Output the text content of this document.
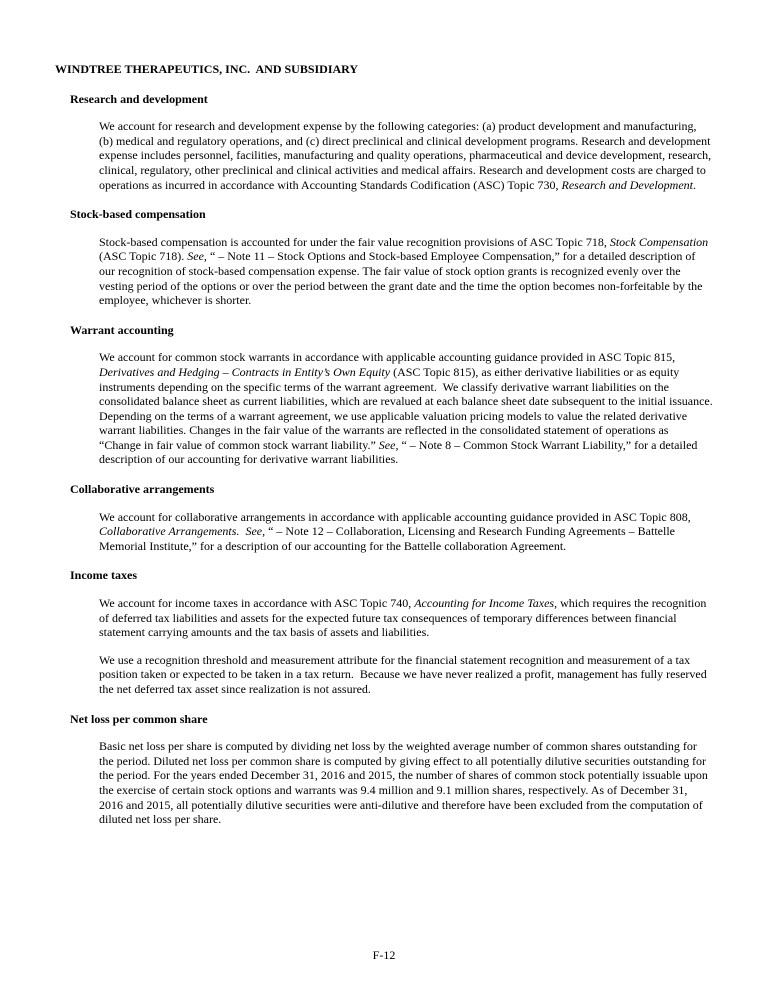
WINDTREE THERAPEUTICS, INC.  AND SUBSIDIARY
Research and development

We account for research and development expense by the following categories: (a) product development and manufacturing, (b) medical and regulatory operations, and (c) direct preclinical and clinical development programs. Research and development expense includes personnel, facilities, manufacturing and quality operations, pharmaceutical and device development, research, clinical, regulatory, other preclinical and clinical activities and medical affairs. Research and development costs are charged to operations as incurred in accordance with Accounting Standards Codification (ASC) Topic 730, Research and Development.

Stock-based compensation

Stock-based compensation is accounted for under the fair value recognition provisions of ASC Topic 718, Stock Compensation (ASC Topic 718). See, “ – Note 11 – Stock Options and Stock-based Employee Compensation,” for a detailed description of our recognition of stock-based compensation expense. The fair value of stock option grants is recognized evenly over the vesting period of the options or over the period between the grant date and the time the option becomes non-forfeitable by the employee, whichever is shorter.

Warrant accounting

We account for common stock warrants in accordance with applicable accounting guidance provided in ASC Topic 815, Derivatives and Hedging – Contracts in Entity’s Own Equity (ASC Topic 815), as either derivative liabilities or as equity instruments depending on the specific terms of the warrant agreement.  We classify derivative warrant liabilities on the consolidated balance sheet as current liabilities, which are revalued at each balance sheet date subsequent to the initial issuance.  Depending on the terms of a warrant agreement, we use applicable valuation pricing models to value the related derivative warrant liabilities. Changes in the fair value of the warrants are reflected in the consolidated statement of operations as “Change in fair value of common stock warrant liability.” See, “ – Note 8 – Common Stock Warrant Liability,” for a detailed description of our accounting for derivative warrant liabilities.

Collaborative arrangements

We account for collaborative arrangements in accordance with applicable accounting guidance provided in ASC Topic 808, Collaborative Arrangements.  See, “ – Note 12 – Collaboration, Licensing and Research Funding Agreements – Battelle Memorial Institute,” for a description of our accounting for the Battelle collaboration Agreement.

Income taxes

We account for income taxes in accordance with ASC Topic 740, Accounting for Income Taxes, which requires the recognition of deferred tax liabilities and assets for the expected future tax consequences of temporary differences between financial statement carrying amounts and the tax basis of assets and liabilities.

We use a recognition threshold and measurement attribute for the financial statement recognition and measurement of a tax position taken or expected to be taken in a tax return.  Because we have never realized a profit, management has fully reserved the net deferred tax asset since realization is not assured.

Net loss per common share

Basic net loss per share is computed by dividing net loss by the weighted average number of common shares outstanding for the period. Diluted net loss per common share is computed by giving effect to all potentially dilutive securities outstanding for the period. For the years ended December 31, 2016 and 2015, the number of shares of common stock potentially issuable upon the exercise of certain stock options and warrants was 9.4 million and 9.1 million shares, respectively. As of December 31, 2016 and 2015, all potentially dilutive securities were anti-dilutive and therefore have been excluded from the computation of diluted net loss per share.

F-12
